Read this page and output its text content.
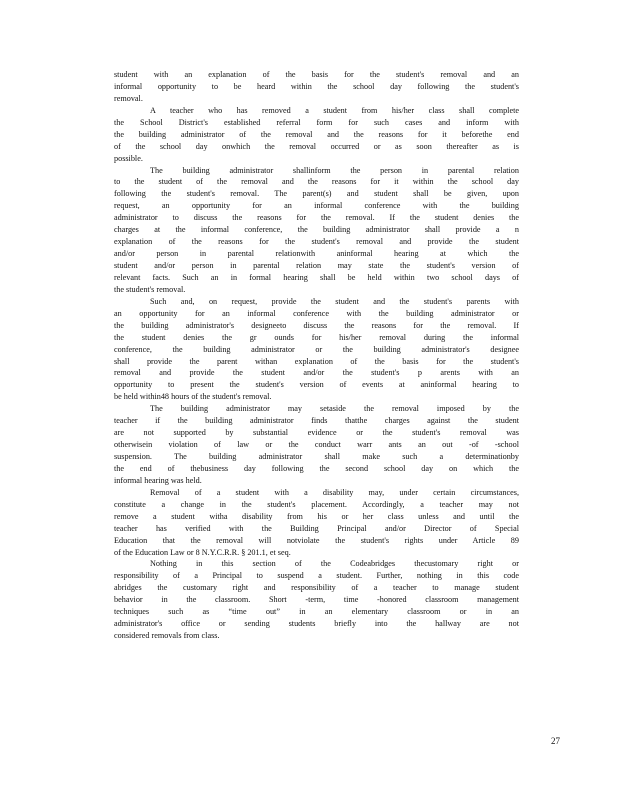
student with an explanation of the basis for the student's removal and an
informal opportunity to be heard within the school day following the student's
removal.
A teacher who has removed a student from his/her class shall complete
the School District's established referral form for such cases and inform with
the building administrator of the removal and the reasons for it beforethe end
of the school day onwhich the removal occurred or as soon thereafter as is
possible.
The building administrator shallinform the person in parental relation
to the student of the removal and the reasons for it within the school day
following the student's removal. The parent(s) and student shall be given, upon
request, an opportunity for an informal conference with the building
administrator to discuss the reasons for the removal. If the student denies the
charges at the informal conference, the building administrator shall provide a n
explanation of the reasons for the student's removal and provide the student
and/or person in parental relationwith aninformal hearing at which the
student and/or person in parental relation may state the student's version of
relevant facts. Such an in formal hearing shall be held within two school days of
the student's removal.
Such and, on request, provide the student and the student's parents with
an opportunity for an informal conference with the building administrator or
the building administrator's designeeto discuss the reasons for the removal. If
the student denies the gr ounds for his/her removal during the informal
conference, the building administrator or the building administrator's designee
shall provide the parent withan explanation of the basis for the student's
removal and provide the student and/or the student's p arents with an
opportunity to present the student's version of events at aninformal hearing to
be held within48 hours of the student's removal.
The building administrator may setaside the removal imposed by the
teacher if the building administrator finds thatthe charges against the student
are not supported by substantial evidence or the student's removal was
otherwisein violation of law or the conduct warr ants an out -of -school
suspension. The building administrator shall make such a determinationby
the end of thebusiness day following the second school day on which the
informal hearing was held.
Removal of a student with a disability may, under certain circumstances,
constitute a change in the student's placement. Accordingly, a teacher may not
remove a student witha disability from his or her class unless and until the
teacher has verified with the Building Principal and/or Director of Special
Education that the removal will notviolate the student's rights under Article 89
of the Education Law or 8 N.Y.C.R.R. § 201.1, et seq.
Nothing in this section of the Codeabridges thecustomary right or
responsibility of a Principal to suspend a student. Further, nothing in this code
abridges the customary right and responsibility of a teacher to manage student
behavior in the classroom. Short -term, time -honored classroom management
techniques such as “time out” in an elementary classroom or in an
administrator's office or sending students briefly into the hallway are not
considered removals from class.
27
